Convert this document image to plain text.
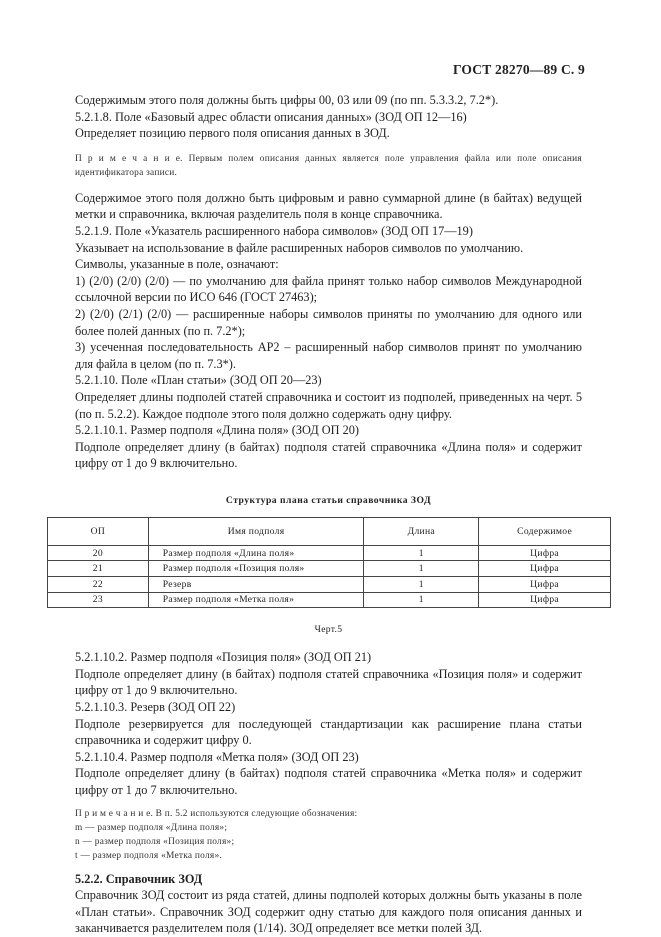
ГОСТ 28270—89 С. 9

Содержимым этого поля должны быть цифры 00, 03 или 09 (по пп. 5.3.3.2, 7.2*).

5.2.1.8. Поле «Базовый адрес области описания данных» (ЗОД ОП 12—16)

Определяет позицию первого поля описания данных в ЗОД.

П р и м е ч а н и е. Первым полем описания данных является поле управления файла или поле описания идентификатора записи.

Содержимое этого поля должно быть цифровым и равно суммарной длине (в байтах) ведущей метки и справочника, включая разделитель поля в конце справочника.

5.2.1.9. Поле «Указатель расширенного набора символов» (ЗОД ОП 17—19)

Указывает на использование в файле расширенных наборов символов по умолчанию.

Символы, указанные в поле, означают:

1) (2/0) (2/0) (2/0) — по умолчанию для файла принят только набор символов Международной ссылочной версии по ИСО 646 (ГОСТ 27463);

2) (2/0) (2/1) (2/0) — расширенные наборы символов приняты по умолчанию для одного или более полей данных (по п. 7.2*);

3) усеченная последовательность АР2 – расширенный набор символов принят по умолчанию для файла в целом (по п. 7.3*).

5.2.1.10. Поле «План статьи» (ЗОД ОП 20—23)

Определяет длины подполей статей справочника и состоит из подполей, приведенных на черт. 5 (по п. 5.2.2). Каждое подполе этого поля должно содержать одну цифру.

5.2.1.10.1. Размер подполя «Длина поля» (ЗОД ОП 20)

Подполе определяет длину (в байтах) подполя статей справочника «Длина поля» и содержит цифру от 1 до 9 включительно.

Структура плана статьи справочника ЗОД
ОП	Имя подполя	Длина	Содержимое
20	Размер подполя «Длина поля»	1	Цифра
21	Размер подполя «Позиция поля»	1	Цифра
22	Резерв	1	Цифра
23	Размер подполя «Метка поля»	1	Цифра
Черт.5

5.2.1.10.2. Размер подполя «Позиция поля» (ЗОД ОП 21)

Подполе определяет длину (в байтах) подполя статей справочника «Позиция поля» и содержит цифру от 1 до 9 включительно.

5.2.1.10.3. Резерв (ЗОД ОП 22)

Подполе резервируется для последующей стандартизации как расширение плана статьи справочника и содержит цифру 0.

5.2.1.10.4. Размер подполя «Метка поля» (ЗОД ОП 23)

Подполе определяет длину (в байтах) подполя статей справочника «Метка поля» и содержит цифру от 1 до 7 включительно.

П р и м е ч а н и е. В п. 5.2 используются следующие обозначения:

m — размер подполя «Длина поля»;

n — размер подполя «Позиция поля»;

t — размер подполя «Метка поля».

5.2.2. Справочник ЗОД

Справочник ЗОД состоит из ряда статей, длины подполей которых должны быть указаны в поле «План статьи». Справочник ЗОД содержит одну статью для каждого поля описания данных и заканчивается разделителем поля (1/14). ЗОД определяет все метки полей ЗД.
